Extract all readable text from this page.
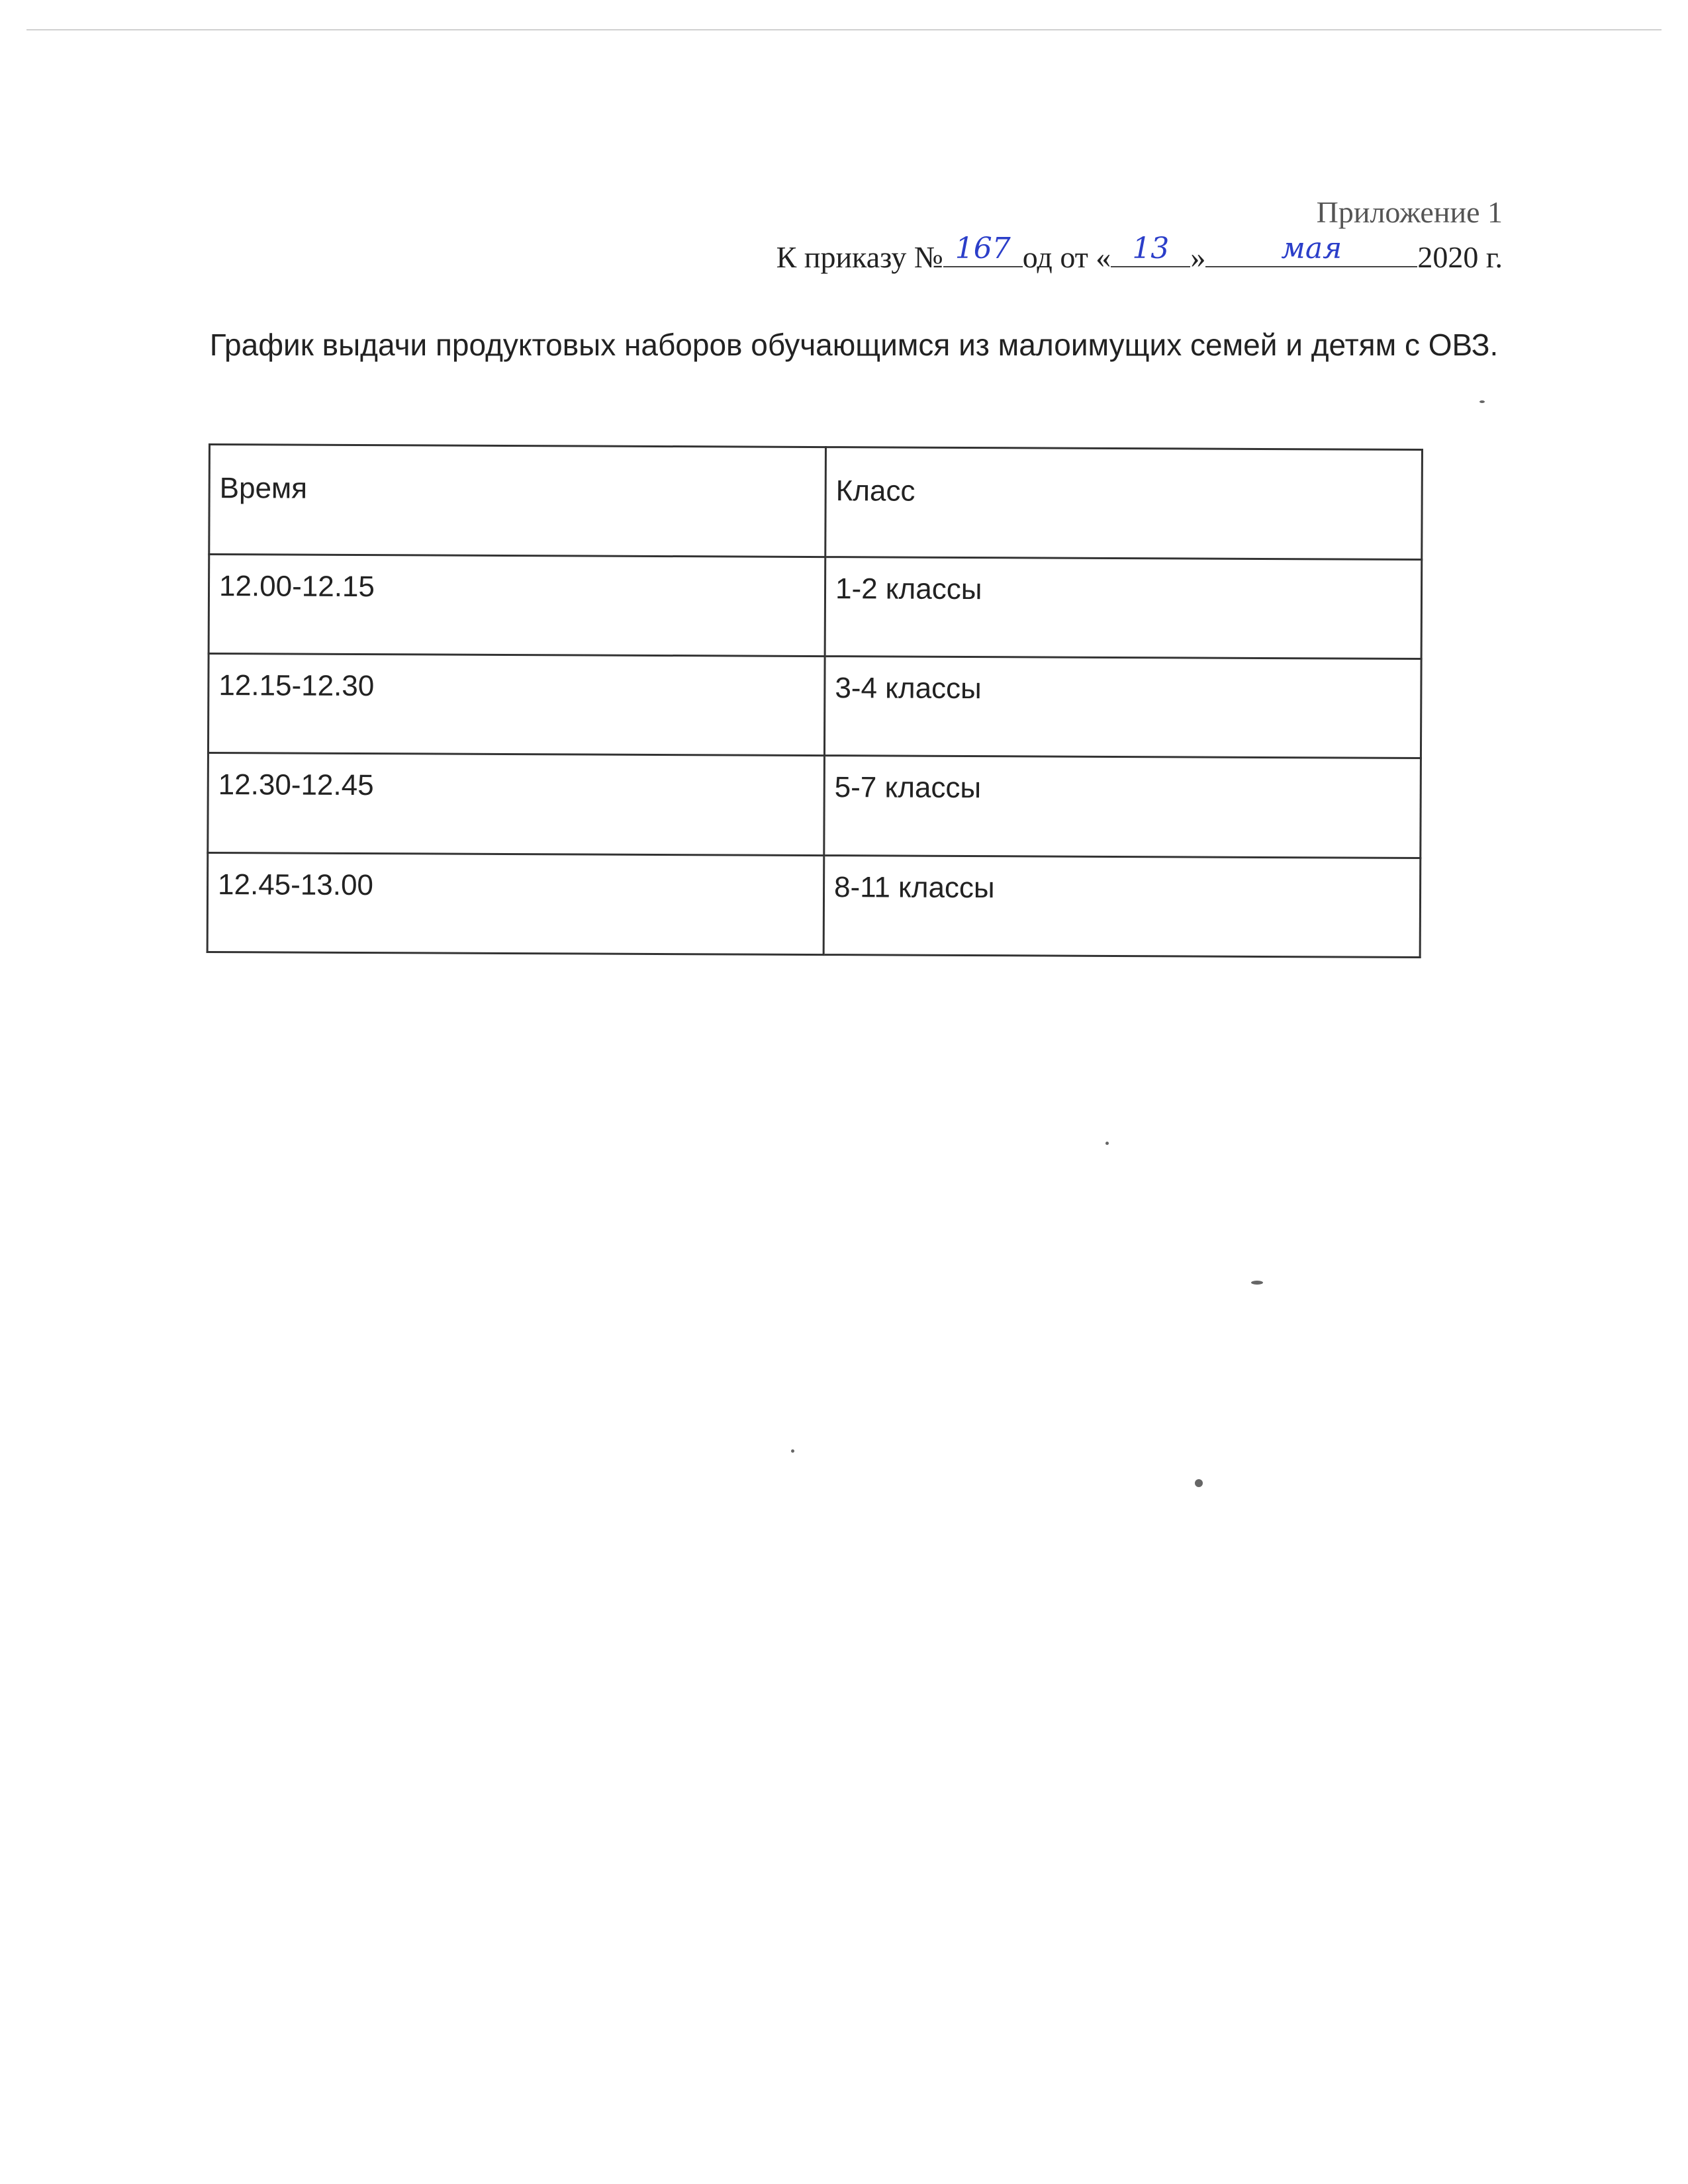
Приложение 1
К приказу № 167 од от « 13 »	мая	2020 г.
График выдачи продуктовых наборов обучающимся из малоимущих семей и детям с ОВЗ.
Время	Класс
12.00-12.15	1-2 классы
12.15-12.30	3-4 классы
12.30-12.45	5-7 классы
12.45-13.00	8-11 классы
